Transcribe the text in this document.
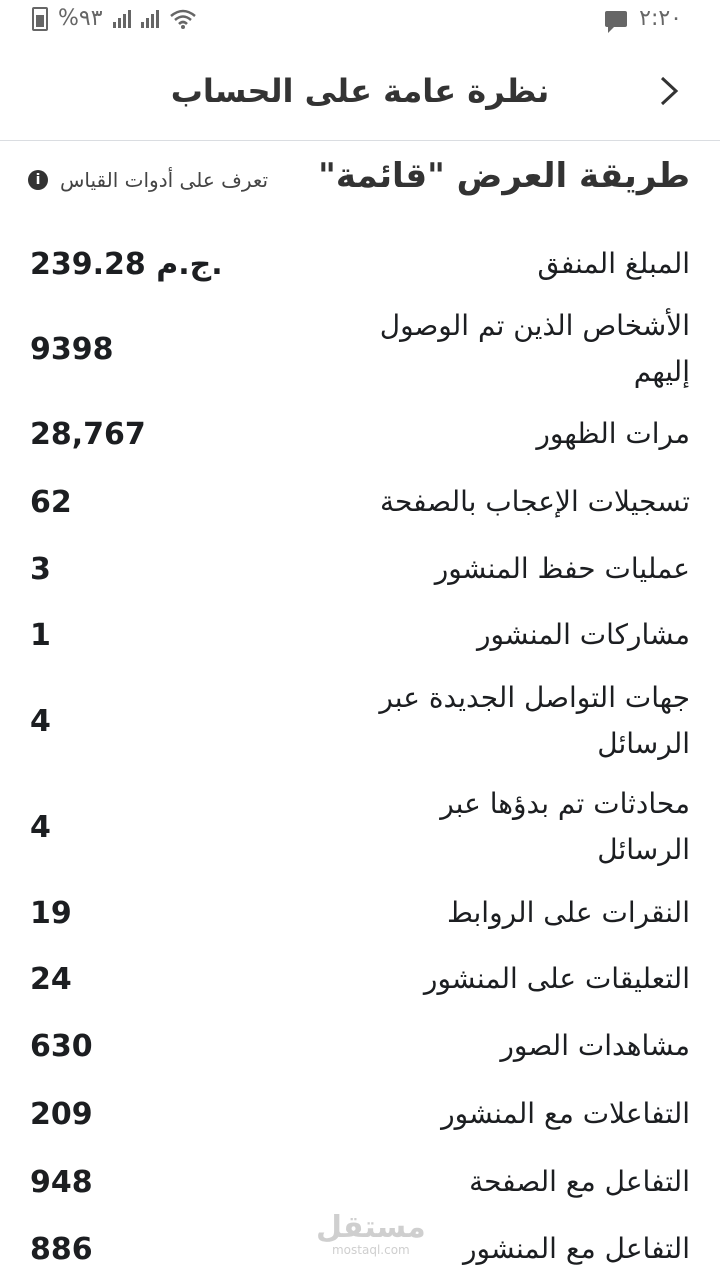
%٩٣	٢:٢٠
نظرة عامة على الحساب
طريقة العرض "قائمة"
i تعرف على أدوات القياس
المبلغ المنفق
239.28 ج.م.
الأشخاص الذين تم الوصول إليهم
9398
مرات الظهور
28,767
تسجيلات الإعجاب بالصفحة
62
عمليات حفظ المنشور
3
مشاركات المنشور
1
جهات التواصل الجديدة عبر الرسائل
4
محادثات تم بدؤها عبر الرسائل
4
النقرات على الروابط
19
التعليقات على المنشور
24
مشاهدات الصور
630
التفاعلات مع المنشور
209
التفاعل مع الصفحة
948
التفاعل مع المنشور
886
مستقل
mostaql.com
